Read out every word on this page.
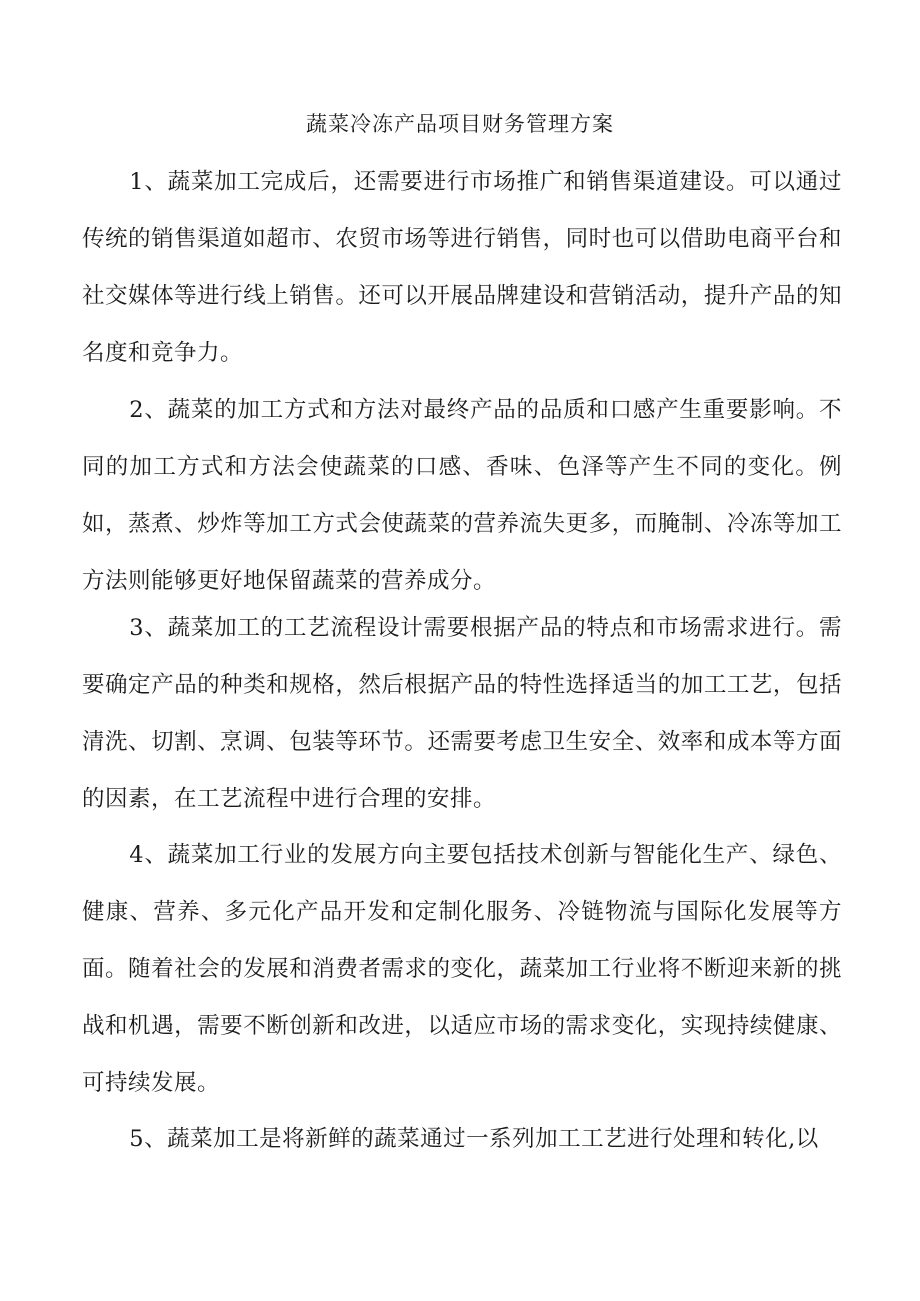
蔬菜冷冻产品项目财务管理方案

1、蔬菜加工完成后，还需要进行市场推广和销售渠道建设。可以通过传统的销售渠道如超市、农贸市场等进行销售，同时也可以借助电商平台和社交媒体等进行线上销售。还可以开展品牌建设和营销活动，提升产品的知名度和竞争力。

2、蔬菜的加工方式和方法对最终产品的品质和口感产生重要影响。不同的加工方式和方法会使蔬菜的口感、香味、色泽等产生不同的变化。例如，蒸煮、炒炸等加工方式会使蔬菜的营养流失更多，而腌制、冷冻等加工方法则能够更好地保留蔬菜的营养成分。

3、蔬菜加工的工艺流程设计需要根据产品的特点和市场需求进行。需要确定产品的种类和规格，然后根据产品的特性选择适当的加工工艺，包括清洗、切割、烹调、包装等环节。还需要考虑卫生安全、效率和成本等方面的因素，在工艺流程中进行合理的安排。

4、蔬菜加工行业的发展方向主要包括技术创新与智能化生产、绿色、健康、营养、多元化产品开发和定制化服务、冷链物流与国际化发展等方面。随着社会的发展和消费者需求的变化，蔬菜加工行业将不断迎来新的挑战和机遇，需要不断创新和改进，以适应市场的需求变化，实现持续健康、可持续发展。

5、蔬菜加工是将新鲜的蔬菜通过一系列加工工艺进行处理和转化,以
